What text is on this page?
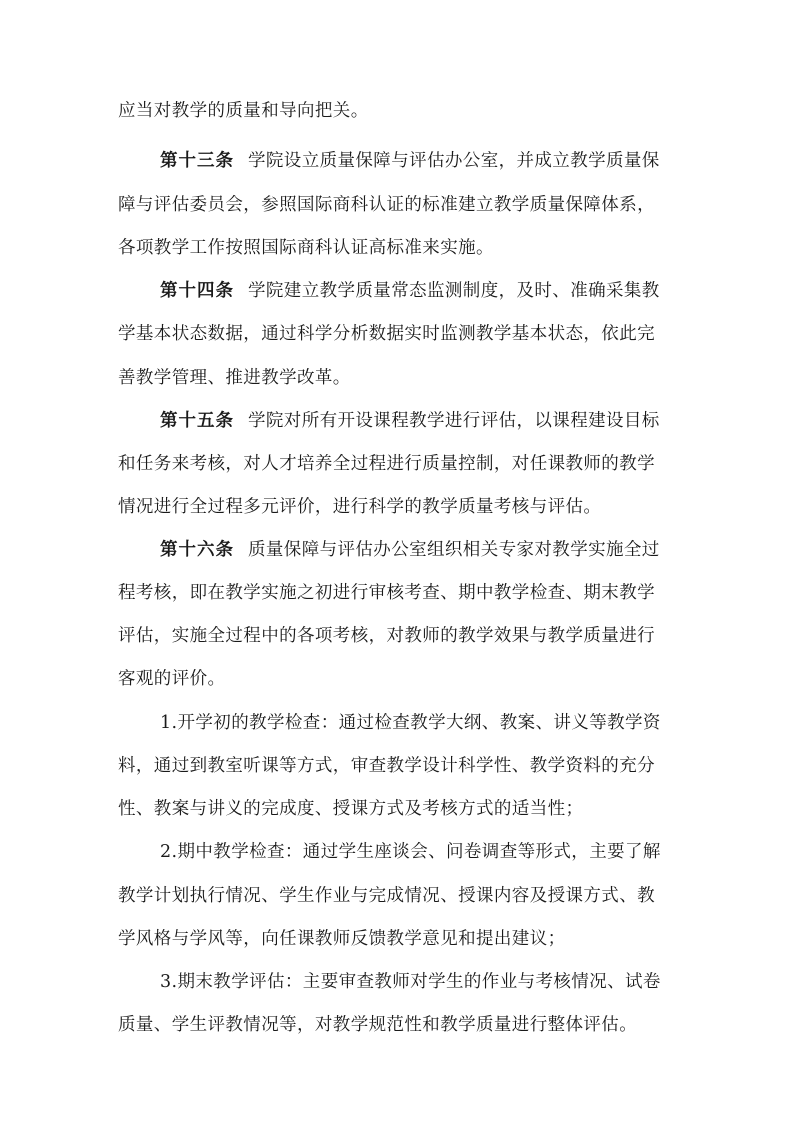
应当对教学的质量和导向把关。
第十三条 学院设立质量保障与评估办公室，并成立教学质量保
障与评估委员会，参照国际商科认证的标准建立教学质量保障体系，
各项教学工作按照国际商科认证高标准来实施。
第十四条 学院建立教学质量常态监测制度，及时、准确采集教
学基本状态数据，通过科学分析数据实时监测教学基本状态，依此完
善教学管理、推进教学改革。
第十五条 学院对所有开设课程教学进行评估，以课程建设目标
和任务来考核，对人才培养全过程进行质量控制，对任课教师的教学
情况进行全过程多元评价，进行科学的教学质量考核与评估。
第十六条 质量保障与评估办公室组织相关专家对教学实施全过
程考核，即在教学实施之初进行审核考查、期中教学检查、期末教学
评估，实施全过程中的各项考核，对教师的教学效果与教学质量进行
客观的评价。
1.开学初的教学检查：通过检查教学大纲、教案、讲义等教学资
料，通过到教室听课等方式，审查教学设计科学性、教学资料的充分
性、教案与讲义的完成度、授课方式及考核方式的适当性；
2.期中教学检查：通过学生座谈会、问卷调查等形式，主要了解
教学计划执行情况、学生作业与完成情况、授课内容及授课方式、教
学风格与学风等，向任课教师反馈教学意见和提出建议；
3.期末教学评估：主要审查教师对学生的作业与考核情况、试卷
质量、学生评教情况等，对教学规范性和教学质量进行整体评估。
